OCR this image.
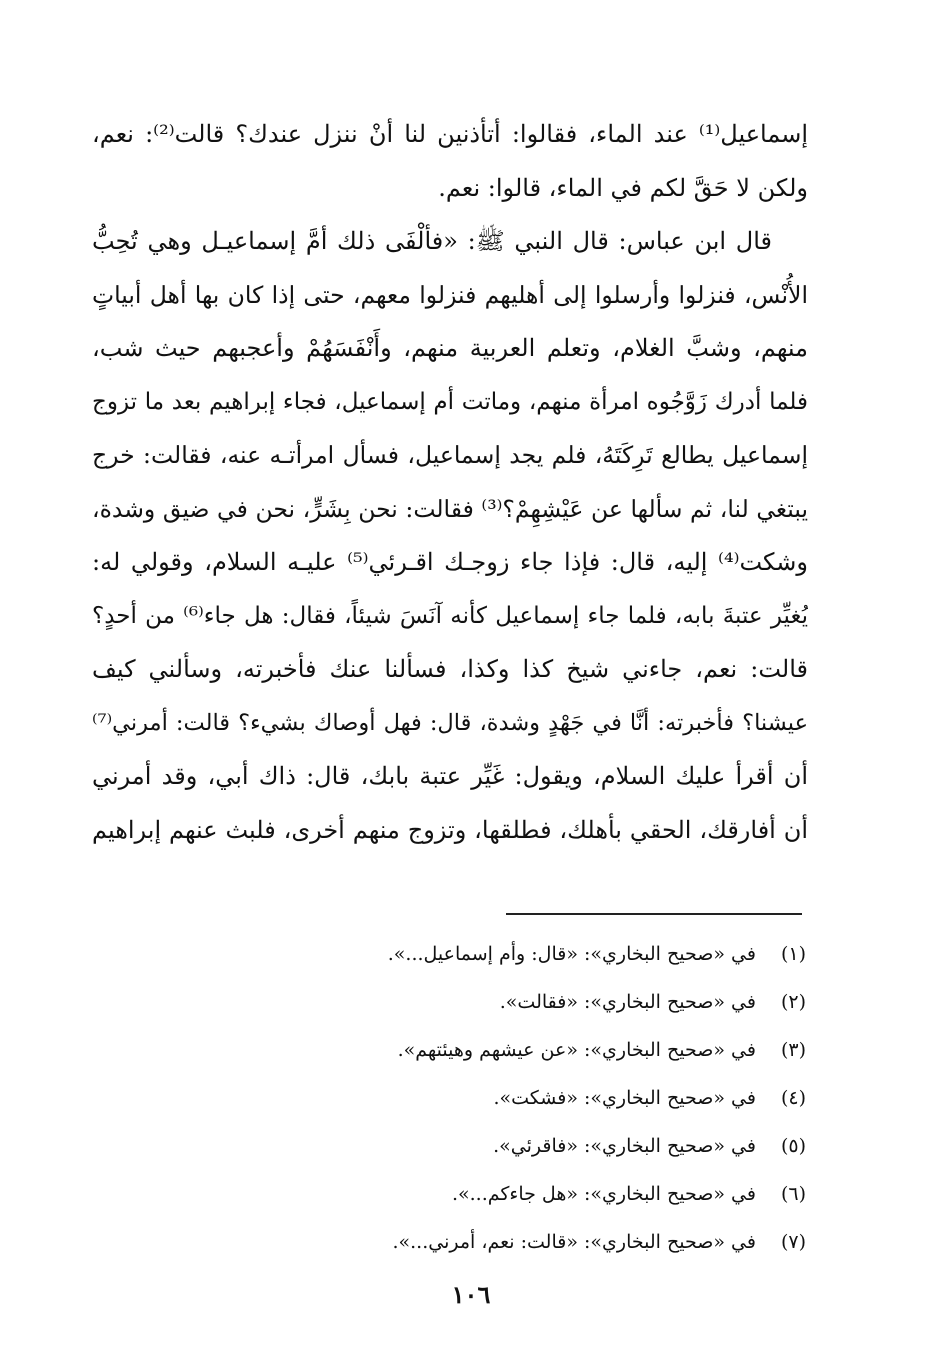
إسماعيل⁽¹⁾ عند الماء، فقالوا: أتأذنين لنا أنْ ننزل عندك؟ قالت⁽²⁾: نعم،
ولكن لا حَقَّ لكم في الماء، قالوا: نعم.
قال ابن عباس: قال النبي ﷺ: «فألْفَى ذلك أمَّ إسماعيـل وهي تُحِبُّ
الأُنْس، فنزلوا وأرسلوا إلى أهليهم فنزلوا معهم، حتى إذا كان بها أهل أبياتٍ
منهم، وشبَّ الغلام، وتعلم العربية منهم، وأَنْفَسَهُمْ وأعجبهم حيث شب،
فلما أدرك زَوَّجُوه امرأة منهم، وماتت أم إسماعيل، فجاء إبراهيم بعد ما تزوج
إسماعيل يطالع تَرِكَتَهُ، فلم يجد إسماعيل، فسأل امرأتـه عنه، فقالت: خرج
يبتغي لنا، ثم سألها عن عَيْشِهِمْ؟⁽³⁾ فقالت: نحن بِشَرٍّ، نحن في ضيق وشدة،
وشكت⁽⁴⁾ إليه، قال: فإذا جاء زوجـك اقـرئي⁽⁵⁾ عليـه السلام، وقولي له:
يُغيِّر عتبةَ بابه، فلما جاء إسماعيل كأنه آنَسَ شيئاً، فقال: هل جاء⁽⁶⁾ من أحدٍ؟
قالت: نعم، جاءني شيخ كذا وكذا، فسألنا عنك فأخبرته، وسألني كيف
عيشنا؟ فأخبرته: أنَّا في جَهْدٍ وشدة، قال: فهل أوصاك بشيء؟ قالت: أمرني⁽⁷⁾
أن أقرأ عليك السلام، ويقول: غَيِّر عتبة بابك، قال: ذاك أبي، وقد أمرني
أن أفارقك، الحقي بأهلك، فطلقها، وتزوج منهم أخرى، فلبث عنهم إبراهيم
(١) في «صحيح البخاري»: «قال: وأم إسماعيل...».
(٢) في «صحيح البخاري»: «فقالت».
(٣) في «صحيح البخاري»: «عن عيشهم وهيئتهم».
(٤) في «صحيح البخاري»: «فشكت».
(٥) في «صحيح البخاري»: «فاقرئي».
(٦) في «صحيح البخاري»: «هل جاءكم...».
(٧) في «صحيح البخاري»: «قالت: نعم، أمرني...».
١٠٦
